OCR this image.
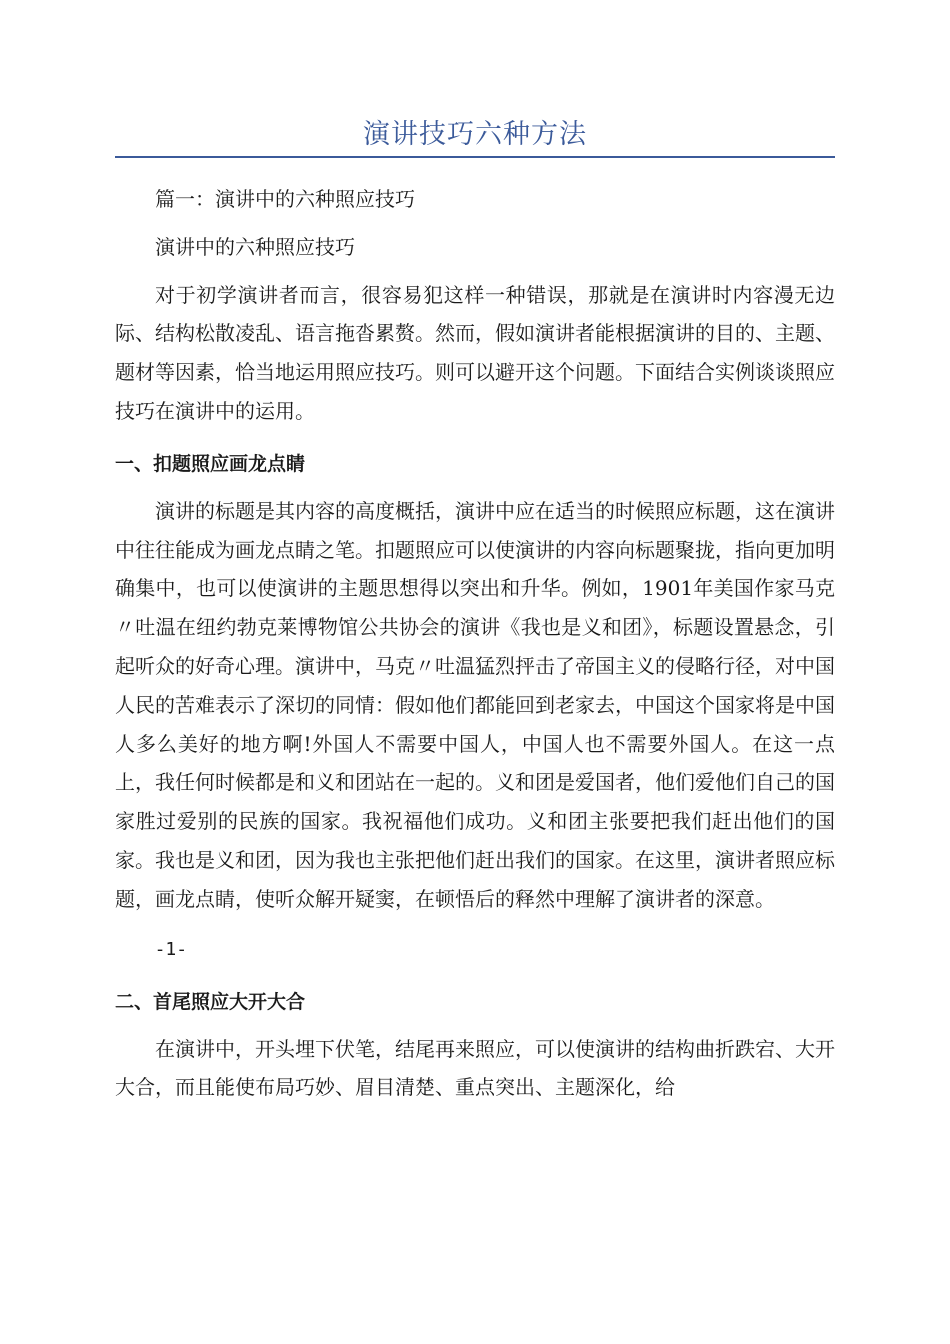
演讲技巧六种方法

篇一：演讲中的六种照应技巧

演讲中的六种照应技巧

对于初学演讲者而言，很容易犯这样一种错误，那就是在演讲时内容漫无边际、结构松散凌乱、语言拖沓累赘。然而，假如演讲者能根据演讲的目的、主题、题材等因素，恰当地运用照应技巧。则可以避开这个问题。下面结合实例谈谈照应技巧在演讲中的运用。

一、扣题照应画龙点睛

演讲的标题是其内容的高度概括，演讲中应在适当的时候照应标题，这在演讲中往往能成为画龙点睛之笔。扣题照应可以使演讲的内容向标题聚拢，指向更加明确集中，也可以使演讲的主题思想得以突出和升华。例如，1901年美国作家马克〃吐温在纽约勃克莱博物馆公共协会的演讲《我也是义和团》，标题设置悬念，引起听众的好奇心理。演讲中，马克〃吐温猛烈抨击了帝国主义的侵略行径，对中国人民的苦难表示了深切的同情：假如他们都能回到老家去，中国这个国家将是中国人多么美好的地方啊!外国人不需要中国人，中国人也不需要外国人。在这一点上，我任何时候都是和义和团站在一起的。义和团是爱国者，他们爱他们自己的国家胜过爱别的民族的国家。我祝福他们成功。义和团主张要把我们赶出他们的国家。我也是义和团，因为我也主张把他们赶出我们的国家。在这里，演讲者照应标题，画龙点睛，使听众解开疑窦，在顿悟后的释然中理解了演讲者的深意。

-1-

二、首尾照应大开大合

在演讲中，开头埋下伏笔，结尾再来照应，可以使演讲的结构曲折跌宕、大开大合，而且能使布局巧妙、眉目清楚、重点突出、主题深化，给
